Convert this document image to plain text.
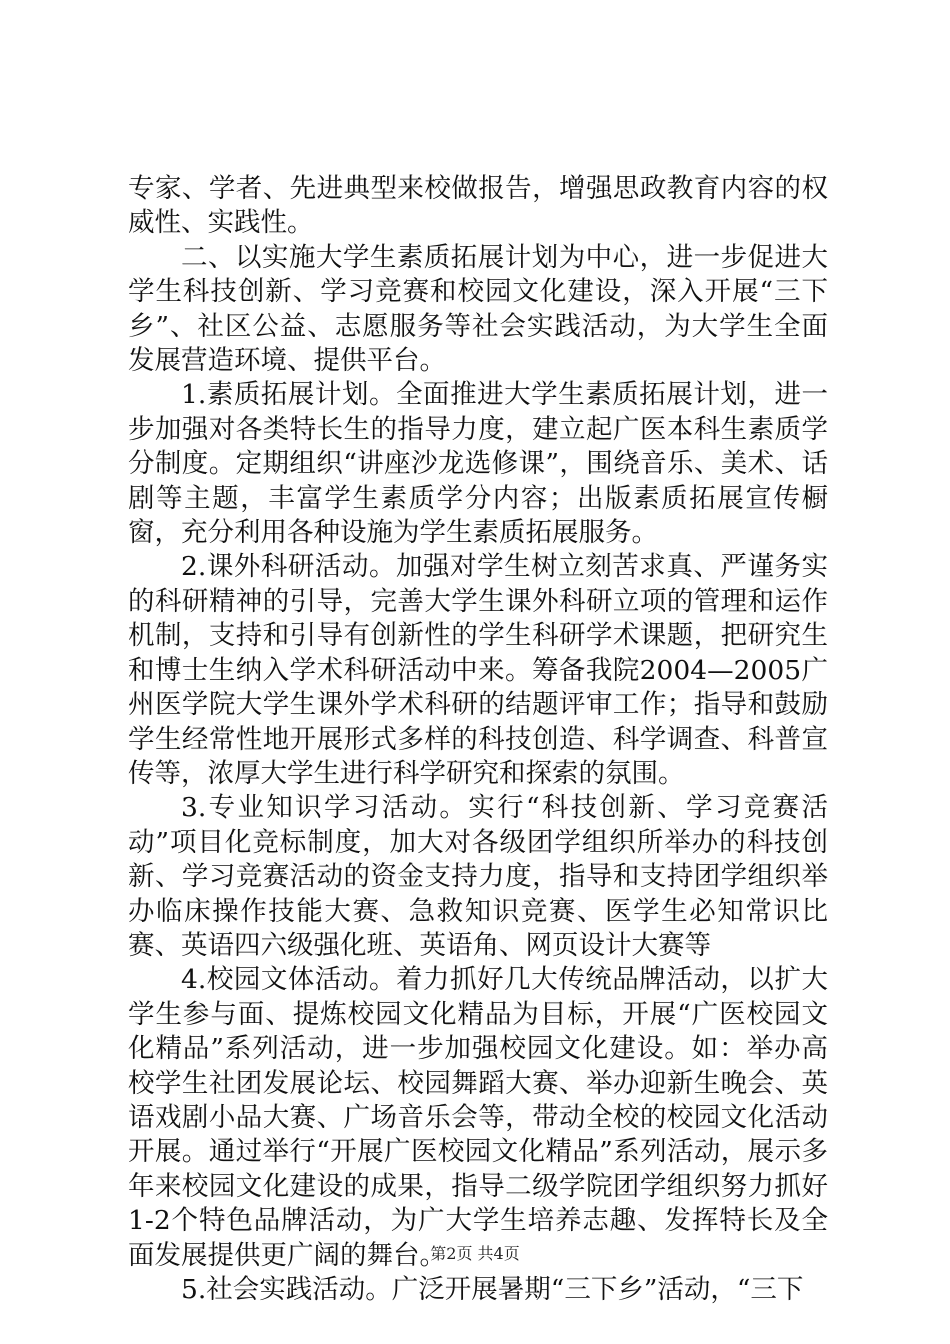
专家、学者、先进典型来校做报告，增强思政教育内容的权威性、实践性。

二、以实施大学生素质拓展计划为中心，进一步促进大学生科技创新、学习竞赛和校园文化建设，深入开展“三下乡”、社区公益、志愿服务等社会实践活动，为大学生全面发展营造环境、提供平台。

1.素质拓展计划。全面推进大学生素质拓展计划，进一步加强对各类特长生的指导力度，建立起广医本科生素质学分制度。定期组织“讲座沙龙选修课”，围绕音乐、美术、话剧等主题，丰富学生素质学分内容；出版素质拓展宣传橱窗，充分利用各种设施为学生素质拓展服务。

2.课外科研活动。加强对学生树立刻苦求真、严谨务实的科研精神的引导，完善大学生课外科研立项的管理和运作机制，支持和引导有创新性的学生科研学术课题，把研究生和博士生纳入学术科研活动中来。筹备我院2004—2005广州医学院大学生课外学术科研的结题评审工作；指导和鼓励学生经常性地开展形式多样的科技创造、科学调查、科普宣传等，浓厚大学生进行科学研究和探索的氛围。

3.专业知识学习活动。实行“科技创新、学习竞赛活动”项目化竞标制度，加大对各级团学组织所举办的科技创新、学习竞赛活动的资金支持力度，指导和支持团学组织举办临床操作技能大赛、急救知识竞赛、医学生必知常识比赛、英语四六级强化班、英语角、网页设计大赛等

4.校园文体活动。着力抓好几大传统品牌活动，以扩大学生参与面、提炼校园文化精品为目标，开展“广医校园文化精品”系列活动，进一步加强校园文化建设。如：举办高校学生社团发展论坛、校园舞蹈大赛、举办迎新生晚会、英语戏剧小品大赛、广场音乐会等，带动全校的校园文化活动开展。通过举行“开展广医校园文化精品”系列活动，展示多年来校园文化建设的成果，指导二级学院团学组织努力抓好1-2个特色品牌活动，为广大学生培养志趣、发挥特长及全面发展提供更广阔的舞台。

5.社会实践活动。广泛开展暑期“三下乡”活动，“三下

第2页 共4页
